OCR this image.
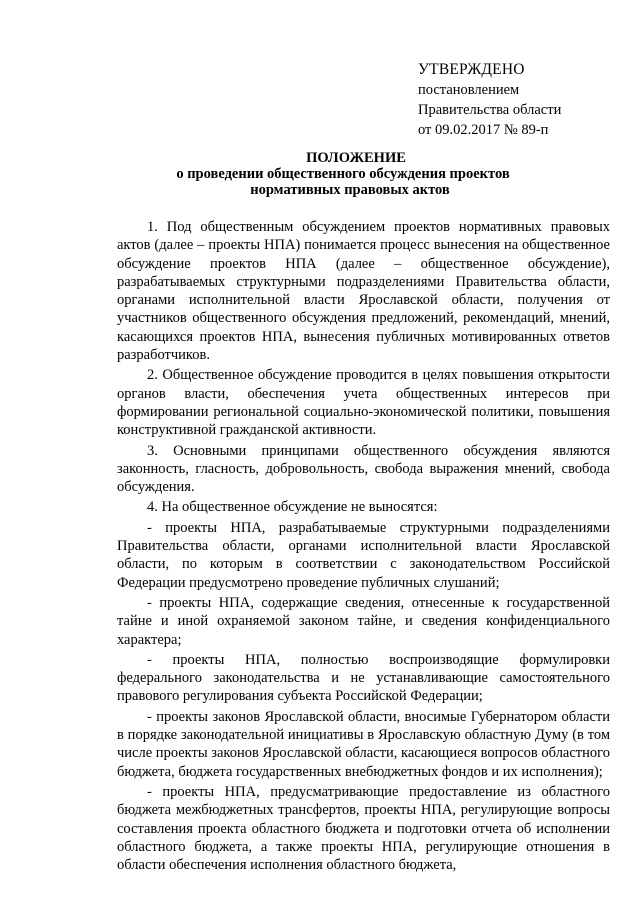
УТВЕРЖДЕНО
постановлением
Правительства области
от 09.02.2017 № 89-п
ПОЛОЖЕНИЕ
о проведении общественного обсуждения проектов
нормативных правовых актов

1. Под общественным обсуждением проектов нормативных правовых актов (далее – проекты НПА) понимается процесс вынесения на общественное обсуждение проектов НПА (далее – общественное обсуждение), разрабатываемых структурными подразделениями Правительства области, органами исполнительной власти Ярославской области, получения от участников общественного обсуждения предложений, рекомендаций, мнений, касающихся проектов НПА, вынесения публичных мотивированных ответов разработчиков.

2. Общественное обсуждение проводится в целях повышения открытости органов власти, обеспечения учета общественных интересов при формировании региональной социально-экономической политики, повышения конструктивной гражданской активности.

3. Основными принципами общественного обсуждения являются законность, гласность, добровольность, свобода выражения мнений, свобода обсуждения.

4. На общественное обсуждение не выносятся:

- проекты НПА, разрабатываемые структурными подразделениями Правительства области, органами исполнительной власти Ярославской области, по которым в соответствии с законодательством Российской Федерации предусмотрено проведение публичных слушаний;

- проекты НПА, содержащие сведения, отнесенные к государственной тайне и иной охраняемой законом тайне, и сведения конфиденциального характера;

- проекты НПА, полностью воспроизводящие формулировки федерального законодательства и не устанавливающие самостоятельного правового регулирования субъекта Российской Федерации;

- проекты законов Ярославской области, вносимые Губернатором области в порядке законодательной инициативы в Ярославскую областную Думу (в том числе проекты законов Ярославской области, касающиеся вопросов областного бюджета, бюджета государственных внебюджетных фондов и их исполнения);

- проекты НПА, предусматривающие предоставление из областного бюджета межбюджетных трансфертов, проекты НПА, регулирующие вопросы составления проекта областного бюджета и подготовки отчета об исполнении областного бюджета, а также проекты НПА, регулирующие отношения в области обеспечения исполнения областного бюджета,
